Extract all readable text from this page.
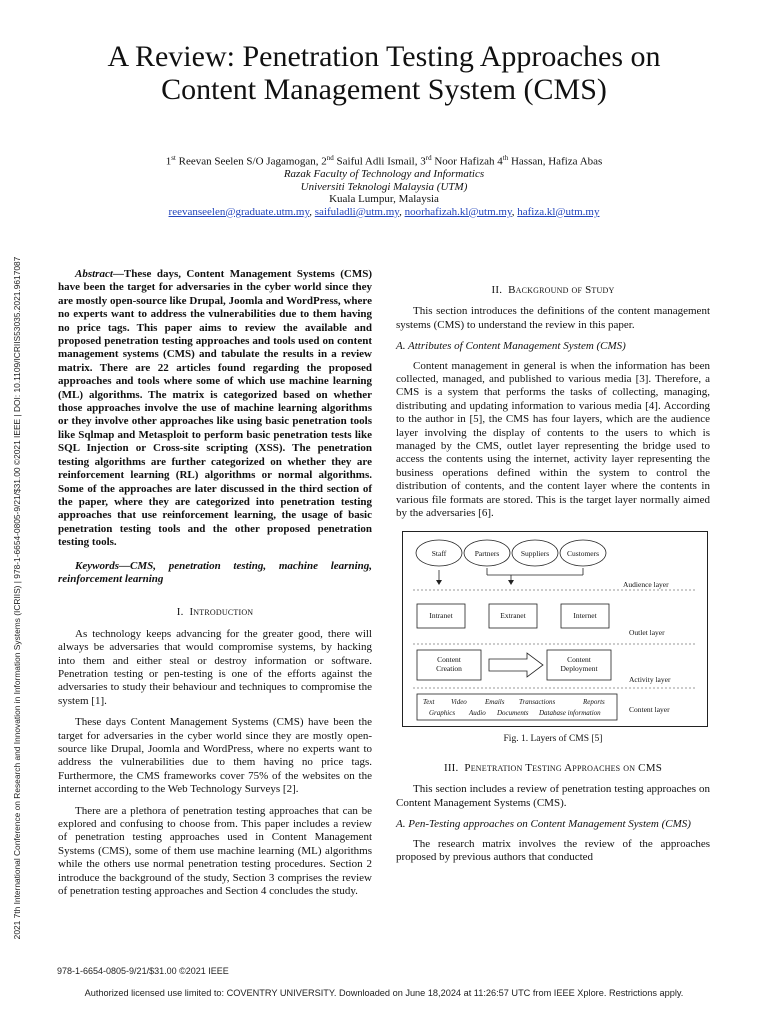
A Review: Penetration Testing Approaches on
Content Management System (CMS)
1st Reevan Seelen S/O Jagamogan, 2nd Saiful Adli Ismail, 3rd Noor Hafizah 4th Hassan, Hafiza Abas
Razak Faculty of Technology and Informatics
Universiti Teknologi Malaysia (UTM)
Kuala Lumpur, Malaysia
reevanseelen@graduate.utm.my, saifuladli@utm.my, noorhafizah.kl@utm.my, hafiza.kl@utm.my
2021 7th International Conference on Research and Innovation in Information Systems (ICRIIS) | 978-1-6654-0805-9/21/$31.00 ©2021 IEEE | DOI: 10.1109/ICRIIS53035.2021.9617087	Abstract—These days, Content Management Systems (CMS) have been the target for adversaries in the cyber world since they are mostly open-source like Drupal, Joomla and WordPress, where no experts want to address the vulnerabilities due to them having no price tags. This paper aims to review the available and proposed penetration testing approaches and tools used on content management systems (CMS) and tabulate the results in a review matrix. There are 22 articles found regarding the proposed approaches and tools where some of which use machine learning (ML) algorithms. The matrix is categorized based on whether those approaches involve the use of machine learning algorithms or they involve other approaches like using basic penetration tools like Sqlmap and Metasploit to perform basic penetration tests like SQL Injection or Cross-site scripting (XSS). The penetration testing algorithms are further categorized on whether they are reinforcement learning (RL) algorithms or normal algorithms. Some of the approaches are later discussed in the third section of the paper, where they are categorized into penetration testing approaches that use reinforcement learning, the usage of basic penetration testing tools and the other proposed penetration testing tools.

Keywords—CMS, penetration testing, machine learning, reinforcement learning

I. Introduction

As technology keeps advancing for the greater good, there will always be adversaries that would compromise systems, by hacking into them and either steal or destroy information or software. Penetration testing or pen-testing is one of the efforts against the adversaries to study their behaviour and techniques to compromise the system [1].

These days Content Management Systems (CMS) have been the target for adversaries in the cyber world since they are mostly open-source like Drupal, Joomla and WordPress, where no experts want to address the vulnerabilities due to them having no price tags. Furthermore, the CMS frameworks cover 75% of the websites on the internet according to the Web Technology Surveys [2].

There are a plethora of penetration testing approaches that can be explored and confusing to choose from. This paper includes a review of penetration testing approaches used in Content Management Systems (CMS), some of them use machine learning (ML) algorithms while the others use normal penetration testing procedures. Section 2 introduce the background of the study, Section 3 comprises the review of penetration testing approaches and Section 4 concludes the study.

II. Background of Study

This section introduces the definitions of the content management systems (CMS) to understand the review in this paper.

A. Attributes of Content Management System (CMS)

Content management in general is when the information has been collected, managed, and published to various media [3]. Therefore, a CMS is a system that performs the tasks of collecting, managing, distributing and updating information to various media [4]. According to the author in [5], the CMS has four layers, which are the audience layer involving the display of contents to the users to which is managed by the CMS, outlet layer representing the bridge used to access the contents using the internet, activity layer representing the business operations defined within the system to control the distribution of contents, and the content layer where the contents in various file formats are stored. This is the target layer normally aimed by the adversaries [6].

Staff	Partners	Suppliers Customers
Audience layer
Intranet	Extranet	Internet
Outlet layer
Content
Creation
Content
Deployment
Activity layer
Text Video	Emails Transactions	Reports
Graphics Audio Documents Database information	Content layer
Fig. 1. Layers of CMS [5]
III. Penetration Testing Approaches on CMS

This section includes a review of penetration testing approaches on Content Management Systems (CMS).

A. Pen-Testing approaches on Content Management System (CMS)

The research matrix involves the review of the approaches proposed by previous authors that conducted

978-1-6654-0805-9/21/$31.00 ©2021 IEEE
Authorized licensed use limited to: COVENTRY UNIVERSITY. Downloaded on June 18,2024 at 11:26:57 UTC from IEEE Xplore. Restrictions apply.
